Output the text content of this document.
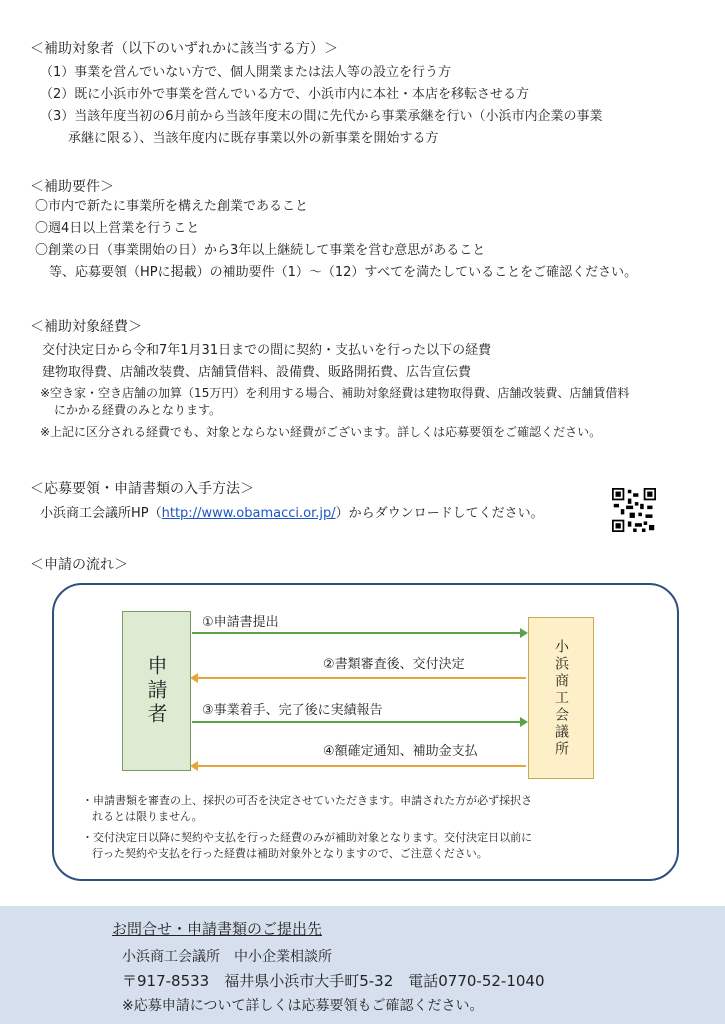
＜補助対象者（以下のいずれかに該当する方）＞
（1）事業を営んでいない方で、個人開業または法人等の設立を行う方
（2）既に小浜市外で事業を営んでいる方で、小浜市内に本社・本店を移転させる方
（3）当該年度当初の6月前から当該年度末の間に先代から事業承継を行い（小浜市内企業の事業
承継に限る）、当該年度内に既存事業以外の新事業を開始する方
＜補助要件＞
〇市内で新たに事業所を構えた創業であること
〇週4日以上営業を行うこと
〇創業の日（事業開始の日）から3年以上継続して事業を営む意思があること
等、応募要領（HPに掲載）の補助要件（1）～（12）すべてを満たしていることをご確認ください。
＜補助対象経費＞
交付決定日から令和7年1月31日までの間に契約・支払いを行った以下の経費
建物取得費、店舗改装費、店舗賃借料、設備費、販路開拓費、広告宣伝費
※空き家・空き店舗の加算（15万円）を利用する場合、補助対象経費は建物取得費、店舗改装費、店舗賃借料
にかかる経費のみとなります。
※上記に区分される経費でも、対象とならない経費がございます。詳しくは応募要領をご確認ください。
＜応募要領・申請書類の入手方法＞
小浜商工会議所HP（http://www.obamacci.or.jp/）からダウンロードしてください。
＜申請の流れ＞
申請者	小浜商工会議所
①申請書提出
②書類審査後、交付決定
③事業着手、完了後に実績報告
④額確定通知、補助金支払
・申請書類を審査の上、採択の可否を決定させていただきます。申請された方が必ず採択さ
れるとは限りません。
・交付決定日以降に契約や支払を行った経費のみが補助対象となります。交付決定日以前に
行った契約や支払を行った経費は補助対象外となりますので、ご注意ください。
お問合せ・申請書類のご提出先
小浜商工会議所　中小企業相談所
〒917-8533　福井県小浜市大手町5-32　電話0770-52-1040
※応募申請について詳しくは応募要領もご確認ください。
